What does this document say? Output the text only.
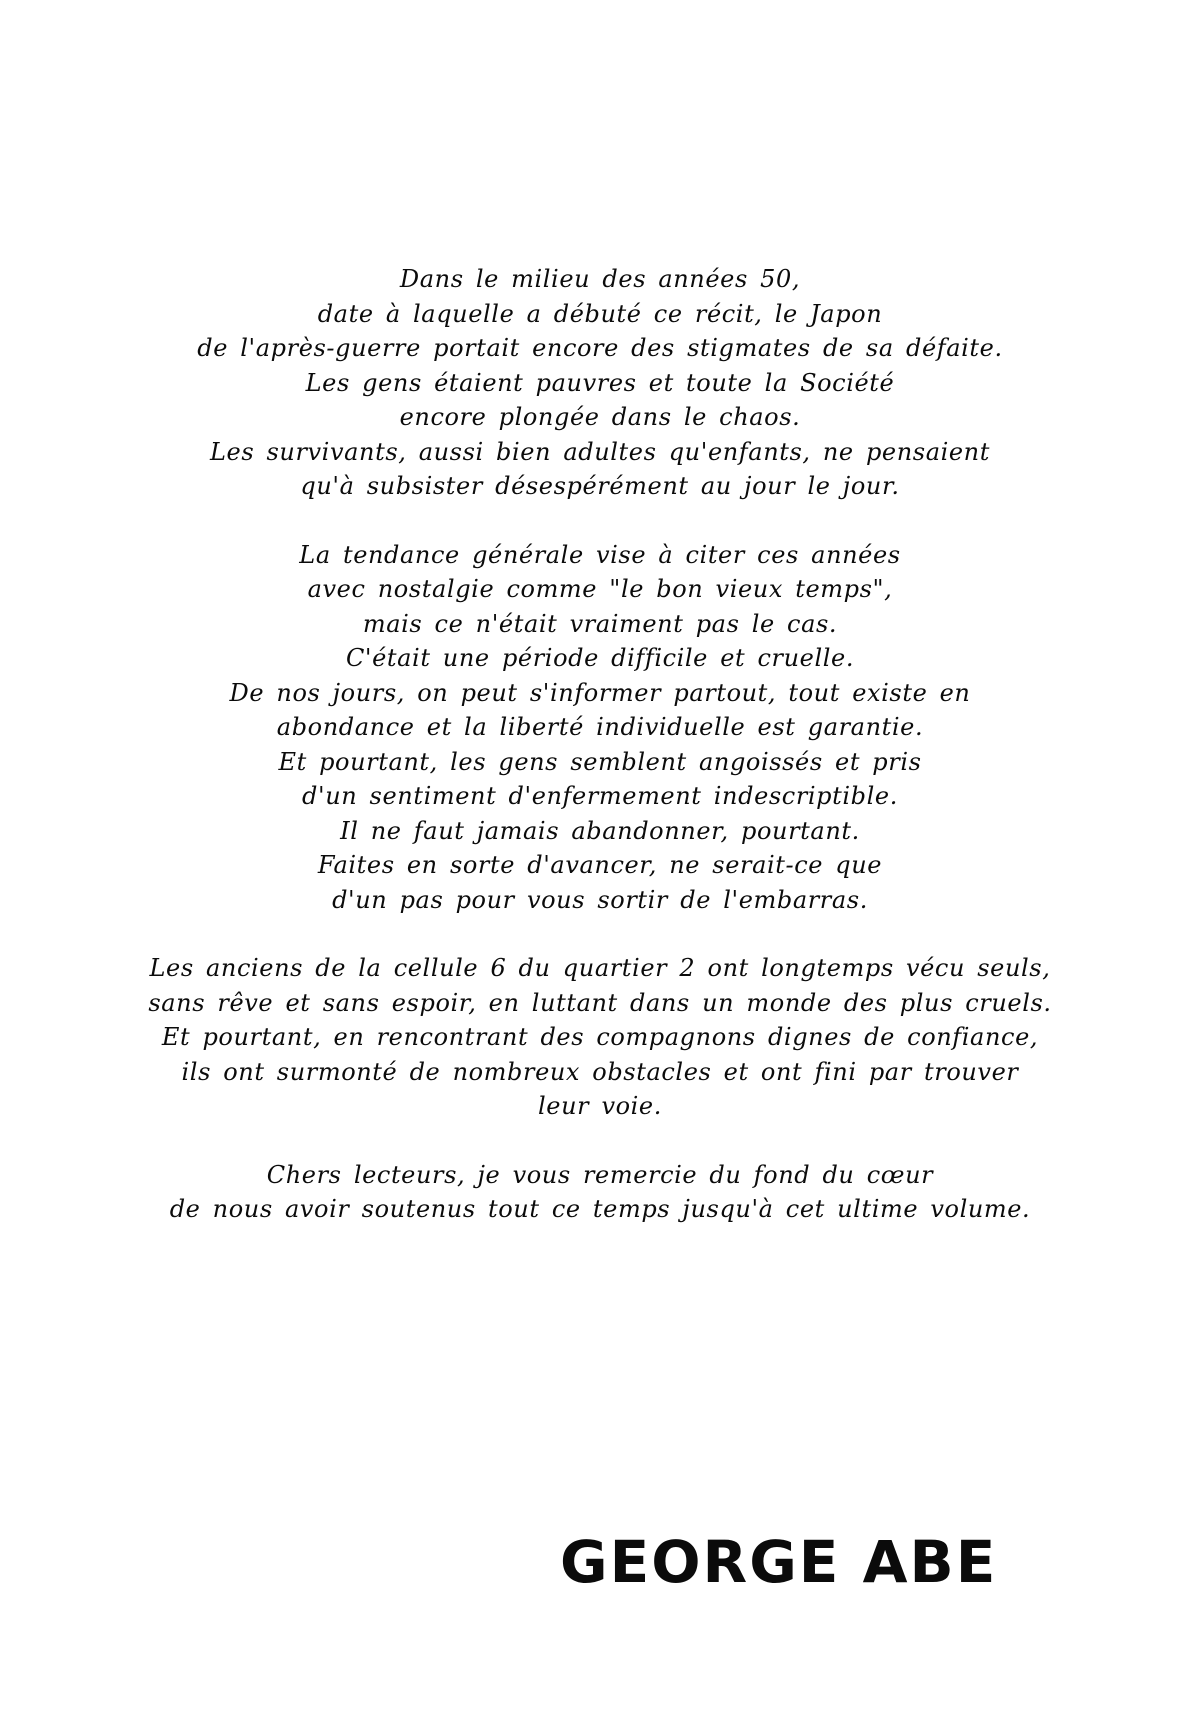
Dans le milieu des années 50,
date à laquelle a débuté ce récit, le Japon
de l'après-guerre portait encore des stigmates de sa défaite.
Les gens étaient pauvres et toute la Société
encore plongée dans le chaos.
Les survivants, aussi bien adultes qu'enfants, ne pensaient
qu'à subsister désespérément au jour le jour.
La tendance générale vise à citer ces années
avec nostalgie comme "le bon vieux temps",
mais ce n'était vraiment pas le cas.
C'était une période difficile et cruelle.
De nos jours, on peut s'informer partout, tout existe en
abondance et la liberté individuelle est garantie.
Et pourtant, les gens semblent angoissés et pris
d'un sentiment d'enfermement indescriptible.
Il ne faut jamais abandonner, pourtant.
Faites en sorte d'avancer, ne serait-ce que
d'un pas pour vous sortir de l'embarras.
Les anciens de la cellule 6 du quartier 2 ont longtemps vécu seuls,
sans rêve et sans espoir, en luttant dans un monde des plus cruels.
Et pourtant, en rencontrant des compagnons dignes de confiance,
ils ont surmonté de nombreux obstacles et ont fini par trouver
leur voie.
Chers lecteurs, je vous remercie du fond du cœur
de nous avoir soutenus tout ce temps jusqu'à cet ultime volume.
GEORGE ABE
